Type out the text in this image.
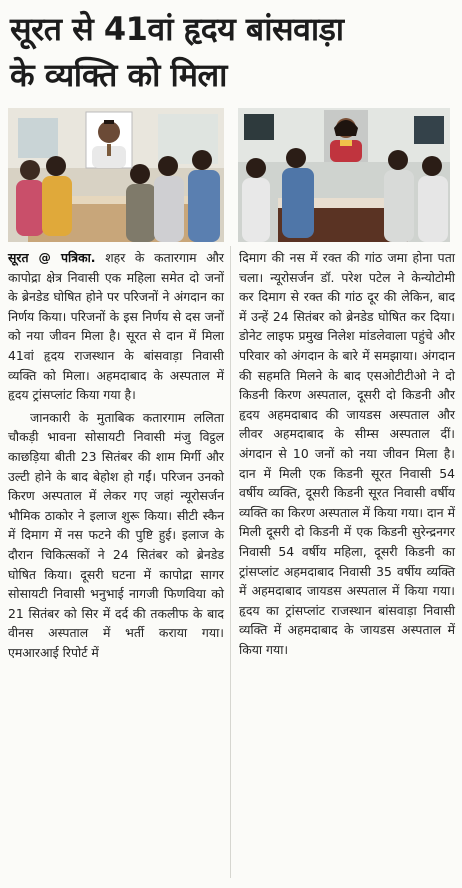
सूरत से 41वां हृदय बांसवाड़ा
के व्यक्ति को मिला

सूरत @ पत्रिका. शहर के कतारगाम और कापोद्रा क्षेत्र निवासी एक महिला समेत दो जनों के ब्रेनडेड घोषित होने पर परिजनों ने अंगदान का निर्णय किया। परिजनों के इस निर्णय से दस जनों को नया जीवन मिला है। सूरत से दान में मिला 41वां हृदय राजस्थान के बांसवाड़ा निवासी व्यक्ति को मिला। अहमदाबाद के अस्पताल में हृदय ट्रांसप्लांट किया गया है।

जानकारी के मुताबिक कतारगाम ललिता चौकड़ी भावना सोसायटी निवासी मंजु विट्ठल काछड़िया बीती 23 सितंबर की शाम मिर्गी और उल्टी होने के बाद बेहोश हो गईं। परिजन उनको किरण अस्पताल में लेकर गए जहां न्यूरोसर्जन भौमिक ठाकोर ने इलाज शुरू किया। सीटी स्कैन में दिमाग में नस फटने की पुष्टि हुई। इलाज के दौरान चिकित्सकों ने 24 सितंबर को ब्रेनडेड घोषित किया। दूसरी घटना में कापोद्रा सागर सोसायटी निवासी भनुभाई नागजी फिणविया को 21 सितंबर को सिर में दर्द की तकलीफ के बाद वीनस अस्पताल में भर्ती कराया गया। एमआरआई रिपोर्ट में

दिमाग की नस में रक्त की गांठ जमा होना पता चला। न्यूरोसर्जन डॉ. परेश पटेल ने केन्योटोमी कर दिमाग से रक्त की गांठ दूर की लेकिन, बाद में उन्हें 24 सितंबर को ब्रेनडेड घोषित कर दिया। डोनेट लाइफ प्रमुख निलेश मांडलेवाला पहुंचे और परिवार को अंगदान के बारे में समझाया। अंगदान की सहमति मिलने के बाद एसओटीटीओ ने दो किडनी किरण अस्पताल, दूसरी दो किडनी और हृदय अहमदाबाद की जायडस अस्पताल और लीवर अहमदाबाद के सीम्स अस्पताल दीं। अंगदान से 10 जनों को नया जीवन मिला है। दान में मिली एक किडनी सूरत निवासी 54 वर्षीय व्यक्ति, दूसरी किडनी सूरत निवासी वर्षीय व्यक्ति का किरण अस्पताल में किया गया। दान में मिली दूसरी दो किडनी में एक किडनी सुरेन्द्रनगर निवासी 54 वर्षीय महिला, दूसरी किडनी का ट्रांसप्लांट अहमदाबाद निवासी 35 वर्षीय व्यक्ति में अहमदाबाद जायडस अस्पताल में किया गया। हृदय का ट्रांसप्लांट राजस्थान बांसवाड़ा निवासी व्यक्ति में अहमदाबाद के जायडस अस्पताल में किया गया।
